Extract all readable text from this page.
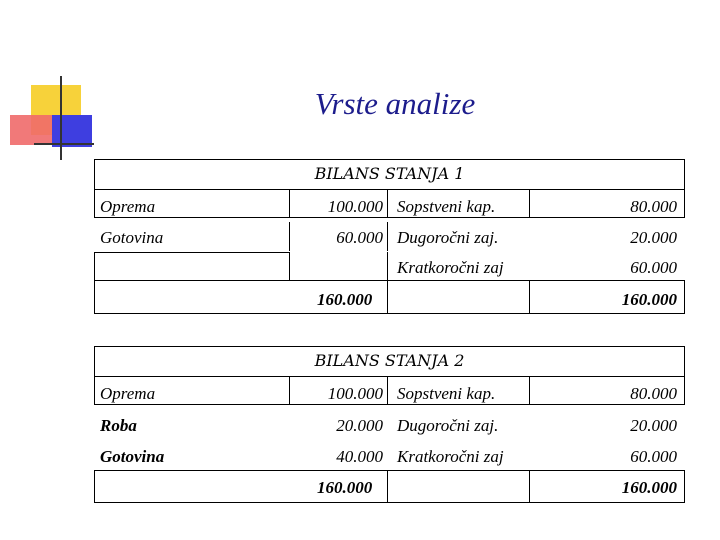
Vrste analize
BILANS STANJA 1
Oprema	100.000 Sopstveni kap.	80.000
Gotovina	60.000 Dugoročni zaj.	20.000
Kratkoročni zaj	60.000
160.000	160.000
BILANS STANJA 2
Oprema	100.000 Sopstveni kap.	80.000
Roba	20.000 Dugoročni zaj.	20.000
Gotovina	40.000 Kratkoročni zaj	60.000
160.000	160.000
